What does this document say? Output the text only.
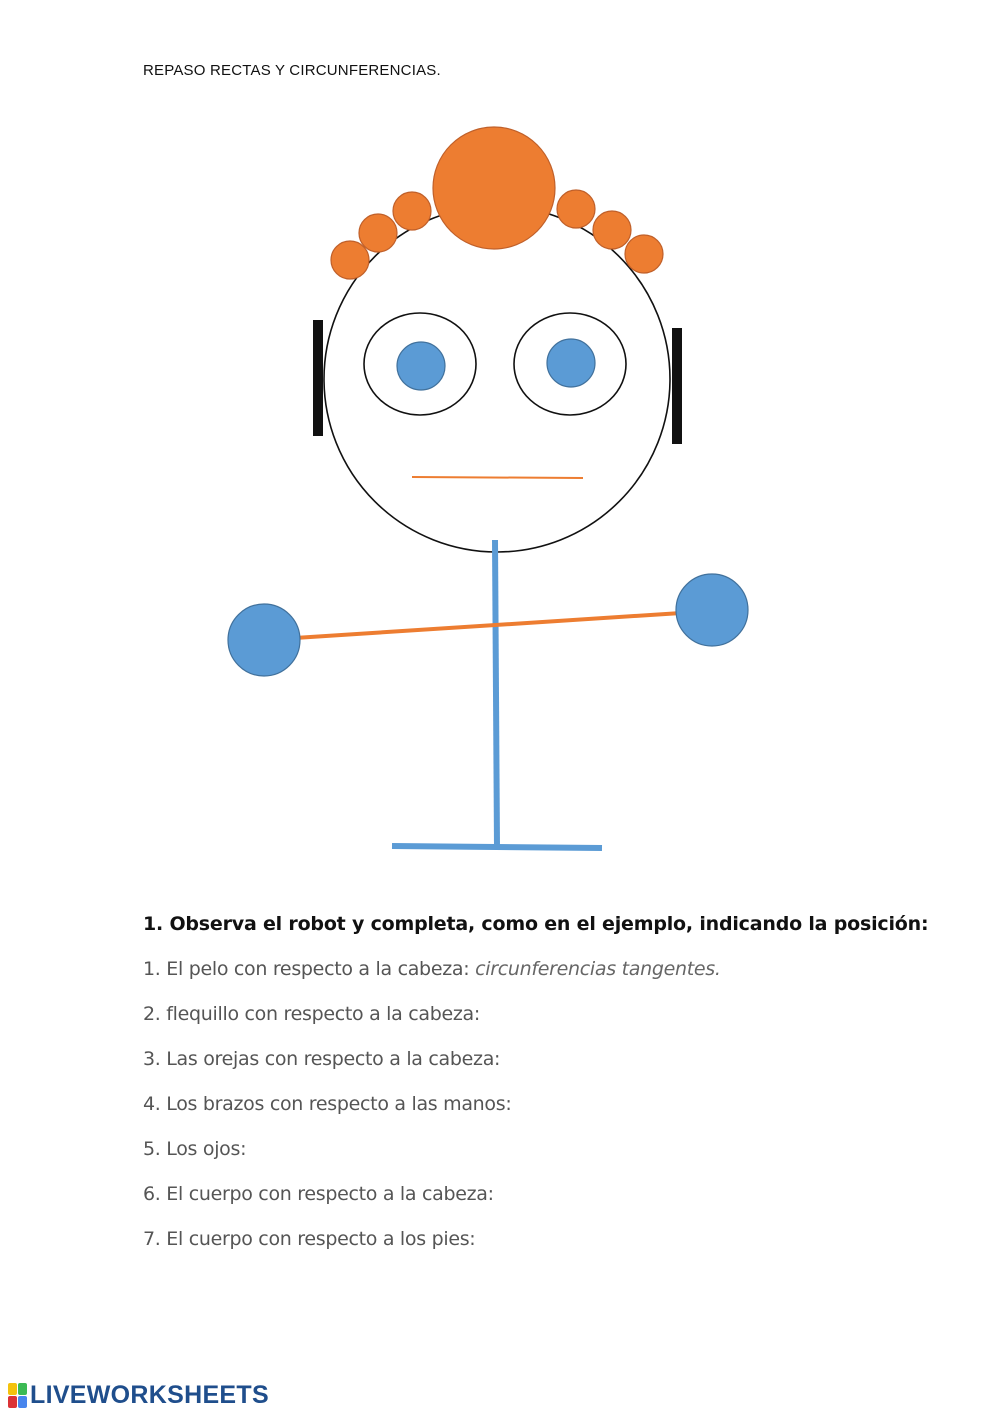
REPASO RECTAS Y CIRCUNFERENCIAS.
1. Observa el robot y completa, como en el ejemplo, indicando la posición:
1. El pelo con respecto a la cabeza: circunferencias tangentes.
2. flequillo con respecto a la cabeza:
3. Las orejas con respecto a la cabeza:
4. Los brazos con respecto a las manos:
5. Los ojos:
6. El cuerpo con respecto a la cabeza:
7. El cuerpo con respecto a los pies:
LIVEWORKSHEETS
